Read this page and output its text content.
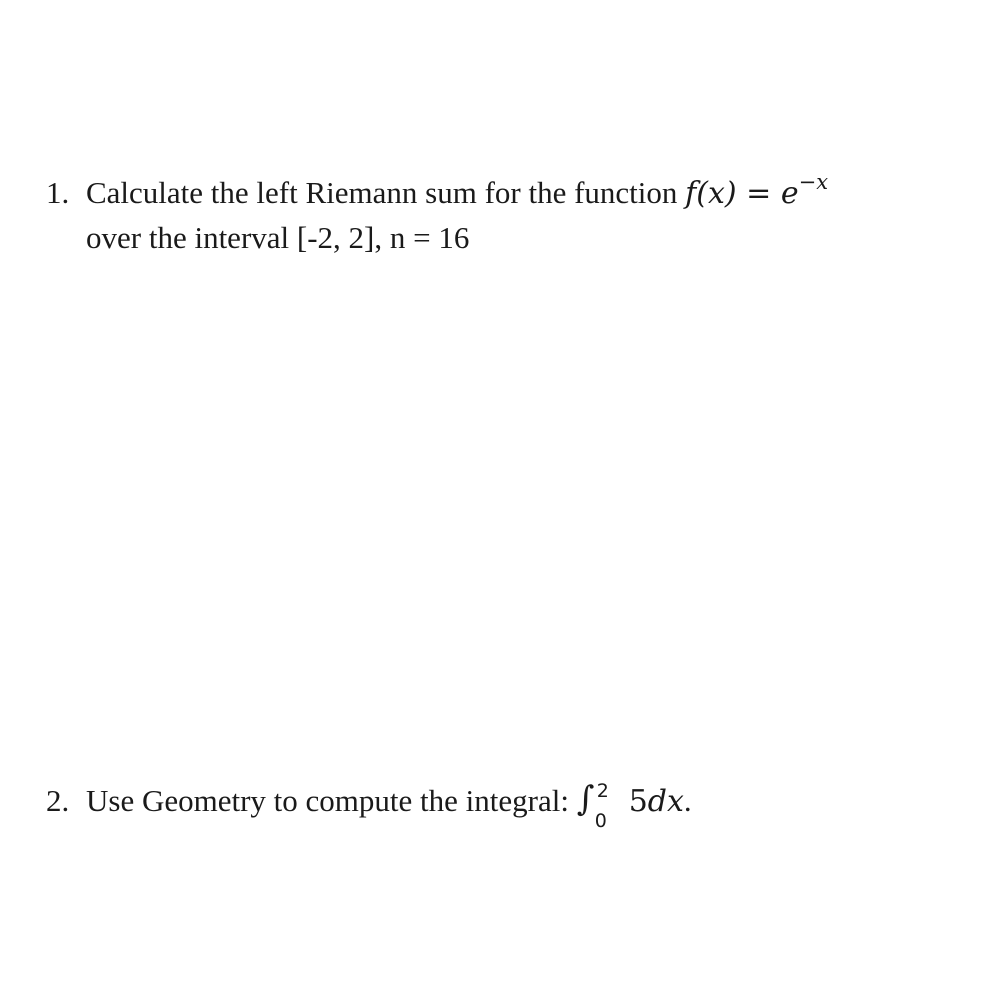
1. Calculate the left Riemann sum for the function $f(x) = e^{-x}$
over the interval [-2, 2], n = 16
2. Use Geometry to compute the integral: ∫ 2
0
5dx.
